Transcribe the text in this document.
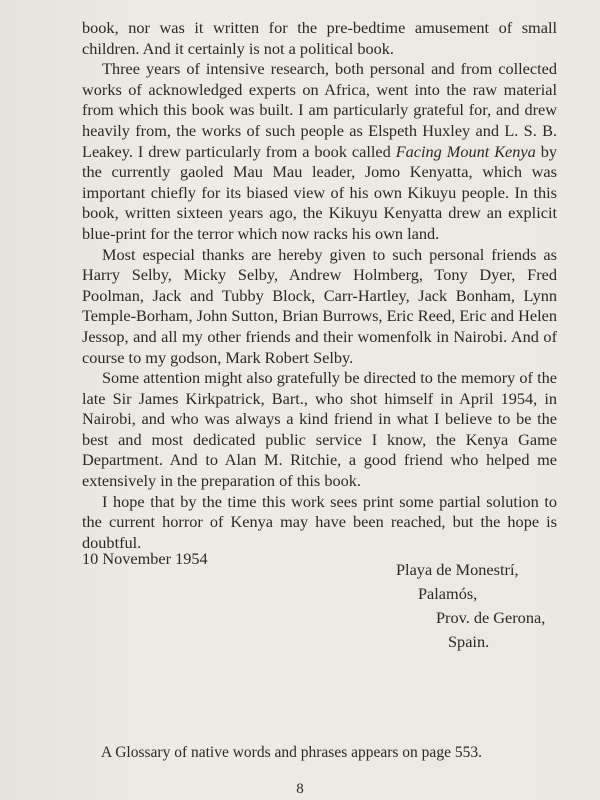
book, nor was it written for the pre-bedtime amusement of small children. And it certainly is not a political book.

Three years of intensive research, both personal and from collected works of acknowledged experts on Africa, went into the raw material from which this book was built. I am particularly grateful for, and drew heavily from, the works of such people as Elspeth Huxley and L. S. B. Leakey. I drew particularly from a book called Facing Mount Kenya by the currently gaoled Mau Mau leader, Jomo Kenyatta, which was important chiefly for its biased view of his own Kikuyu people. In this book, written sixteen years ago, the Kikuyu Kenyatta drew an explicit blue-print for the terror which now racks his own land.

Most especial thanks are hereby given to such personal friends as Harry Selby, Micky Selby, Andrew Holmberg, Tony Dyer, Fred Poolman, Jack and Tubby Block, Carr-Hartley, Jack Bonham, Lynn Temple-Borham, John Sutton, Brian Burrows, Eric Reed, Eric and Helen Jessop, and all my other friends and their womenfolk in Nairobi. And of course to my godson, Mark Robert Selby.

Some attention might also gratefully be directed to the memory of the late Sir James Kirkpatrick, Bart., who shot himself in April 1954, in Nairobi, and who was always a kind friend in what I believe to be the best and most dedicated public service I know, the Kenya Game Department. And to Alan M. Ritchie, a good friend who helped me extensively in the preparation of this book.

I hope that by the time this work sees print some partial solution to the current horror of Kenya may have been reached, but the hope is doubtful.

10 November 1954
Playa de Monestrí,
Palamós,
Prov. de Gerona,
Spain.
A Glossary of native words and phrases appears on page 553.
8
